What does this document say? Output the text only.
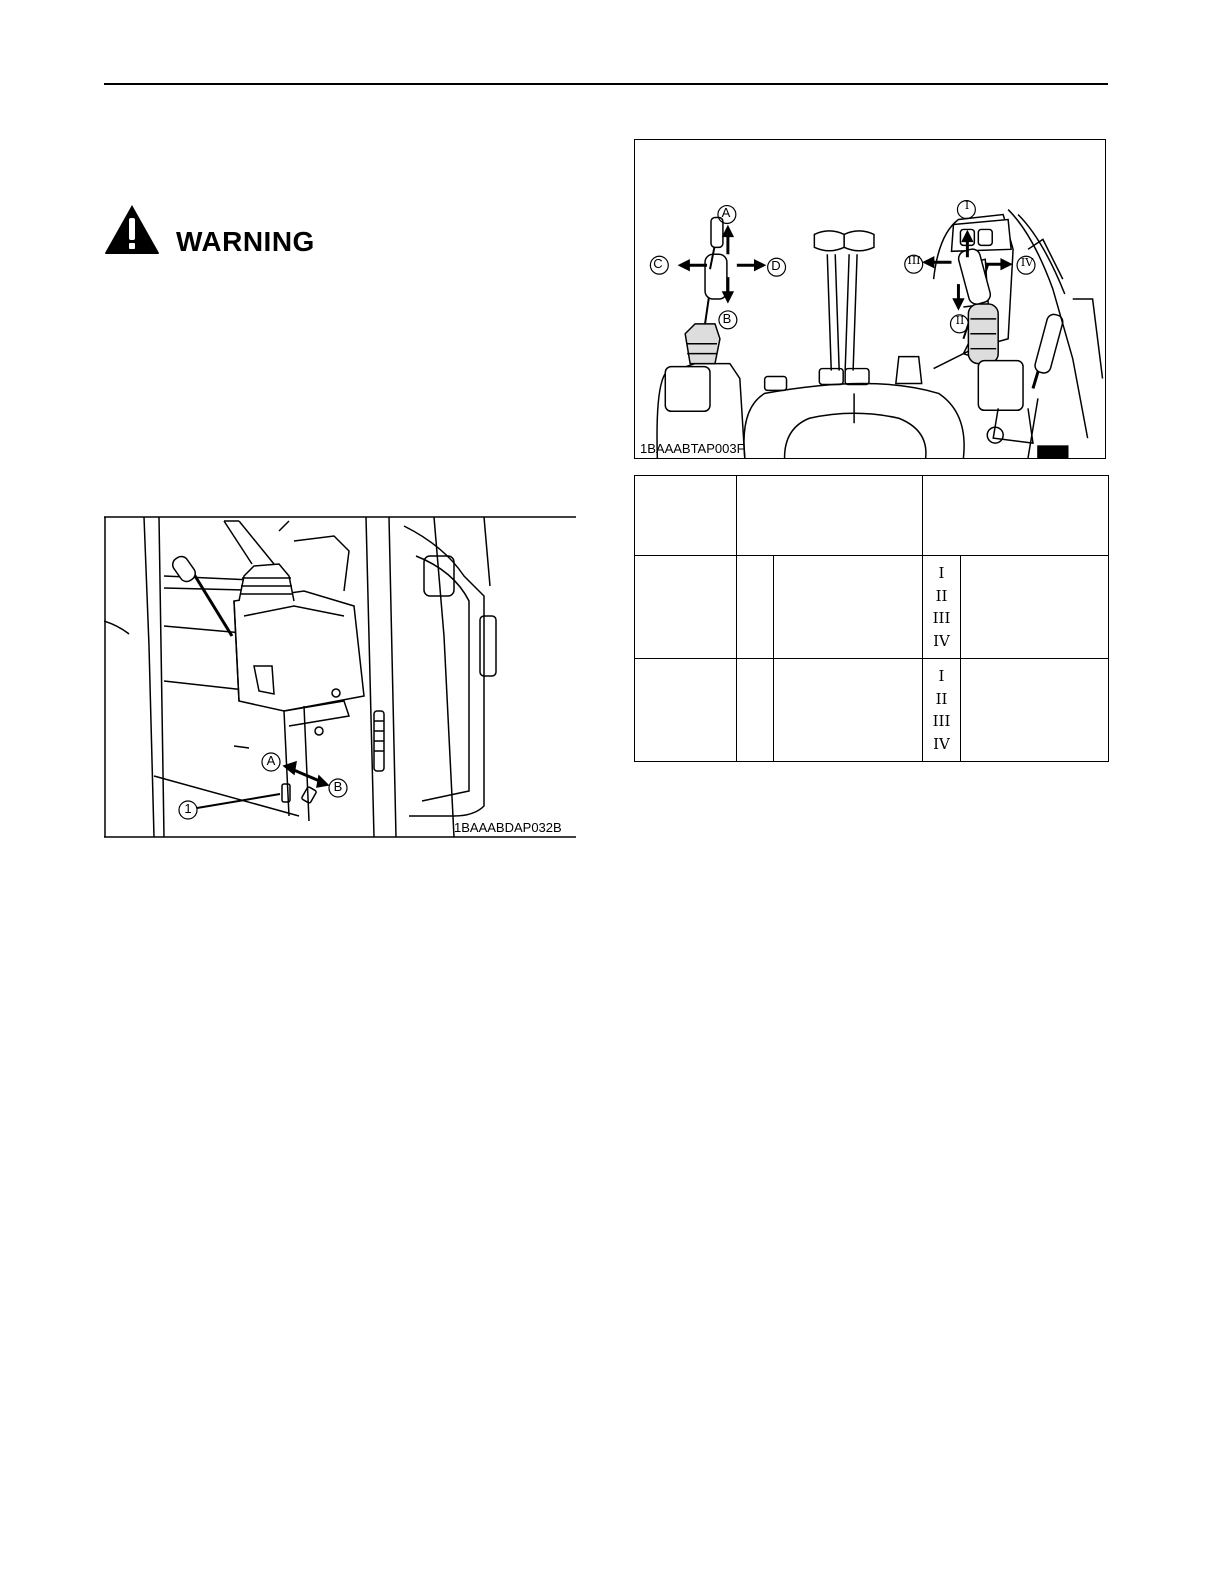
WARNING
A
B
1
1BAAABDAP032B
A
B
C	D
I
II
III	IV
1BAAABTAP003F

			I
II
III
IV	

			I
II
III
IV	
